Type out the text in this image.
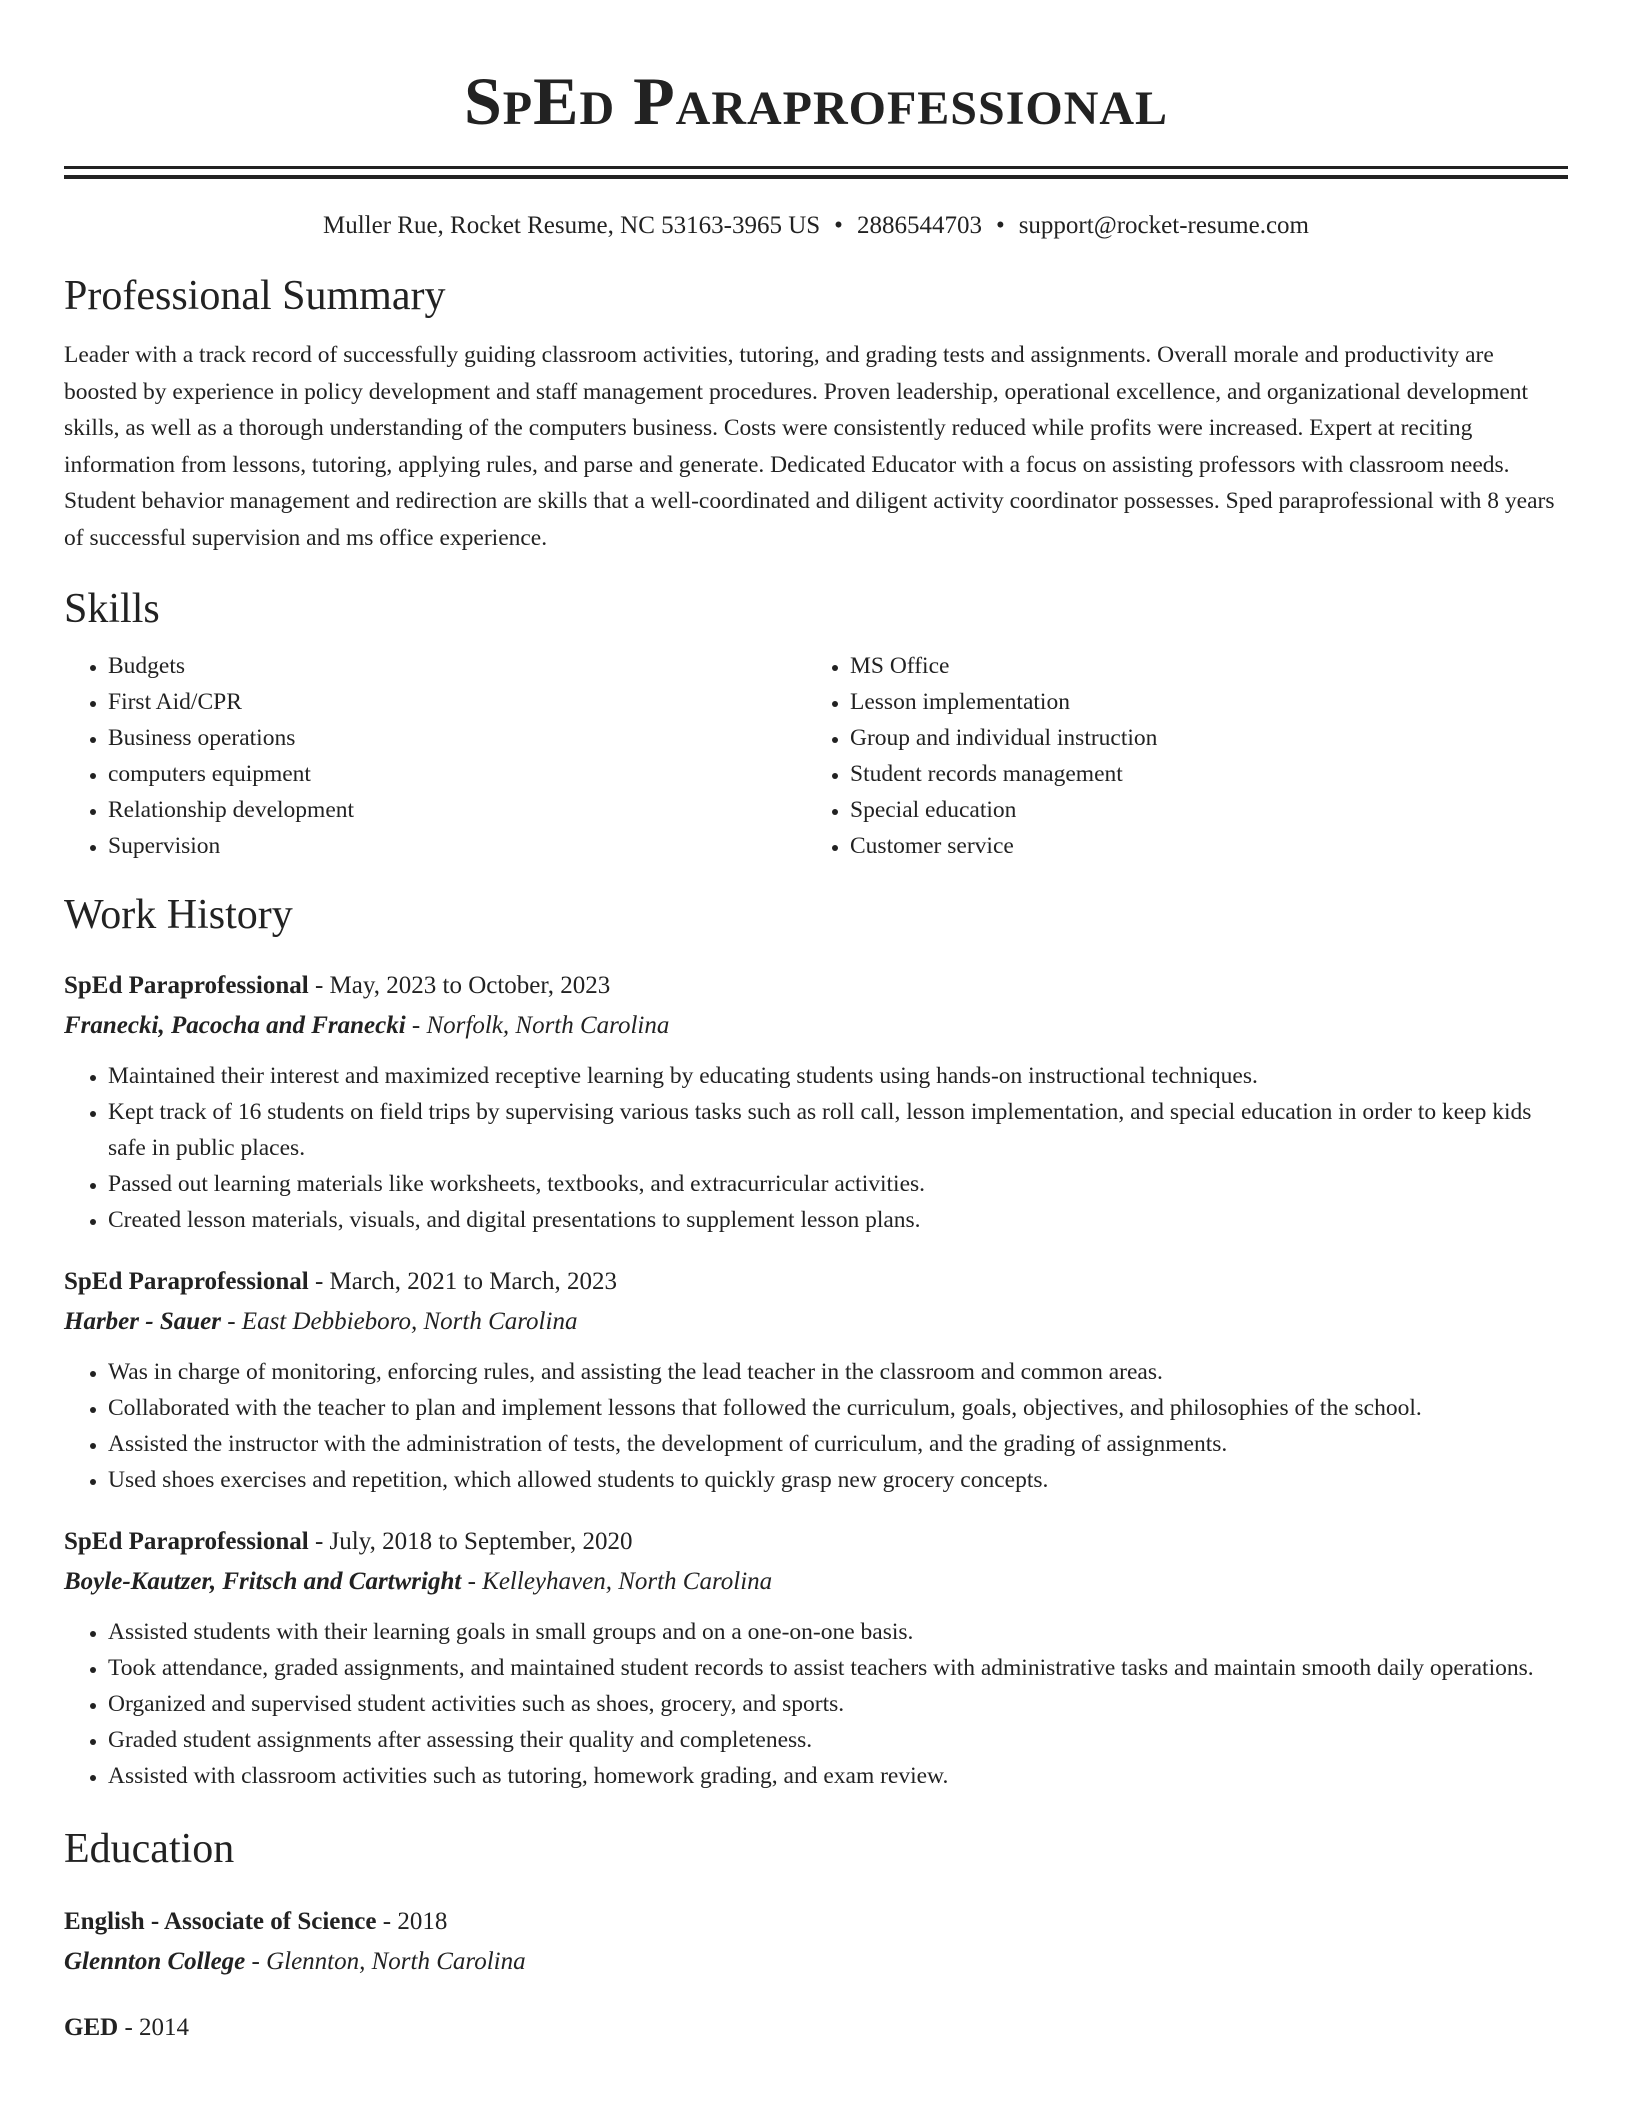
SpEd Paraprofessional
Muller Rue, Rocket Resume, NC 53163-3965 US • 2886544703 • support@rocket-resume.com
Professional Summary
Leader with a track record of successfully guiding classroom activities, tutoring, and grading tests and assignments. Overall morale and productivity are boosted by experience in policy development and staff management procedures. Proven leadership, operational excellence, and organizational development skills, as well as a thorough understanding of the computers business. Costs were consistently reduced while profits were increased. Expert at reciting information from lessons, tutoring, applying rules, and parse and generate. Dedicated Educator with a focus on assisting professors with classroom needs. Student behavior management and redirection are skills that a well-coordinated and diligent activity coordinator possesses. Sped paraprofessional with 8 years of successful supervision and ms office experience.
Skills
• Budgets
• First Aid/CPR
• Business operations
• computers equipment
• Relationship development
• Supervision
• MS Office
• Lesson implementation
• Group and individual instruction
• Student records management
• Special education
• Customer service
Work History
SpEd Paraprofessional - May, 2023 to October, 2023
Franecki, Pacocha and Franecki - Norfolk, North Carolina
• Maintained their interest and maximized receptive learning by educating students using hands-on instructional techniques.
• Kept track of 16 students on field trips by supervising various tasks such as roll call, lesson implementation, and special education in order to keep kids safe in public places.
• Passed out learning materials like worksheets, textbooks, and extracurricular activities.
• Created lesson materials, visuals, and digital presentations to supplement lesson plans.
SpEd Paraprofessional - March, 2021 to March, 2023
Harber - Sauer - East Debbieboro, North Carolina
• Was in charge of monitoring, enforcing rules, and assisting the lead teacher in the classroom and common areas.
• Collaborated with the teacher to plan and implement lessons that followed the curriculum, goals, objectives, and philosophies of the school.
• Assisted the instructor with the administration of tests, the development of curriculum, and the grading of assignments.
• Used shoes exercises and repetition, which allowed students to quickly grasp new grocery concepts.
SpEd Paraprofessional - July, 2018 to September, 2020
Boyle-Kautzer, Fritsch and Cartwright - Kelleyhaven, North Carolina
• Assisted students with their learning goals in small groups and on a one-on-one basis.
• Took attendance, graded assignments, and maintained student records to assist teachers with administrative tasks and maintain smooth daily operations.
• Organized and supervised student activities such as shoes, grocery, and sports.
• Graded student assignments after assessing their quality and completeness.
• Assisted with classroom activities such as tutoring, homework grading, and exam review.
Education
English - Associate of Science - 2018
Glennton College - Glennton, North Carolina
GED - 2014
